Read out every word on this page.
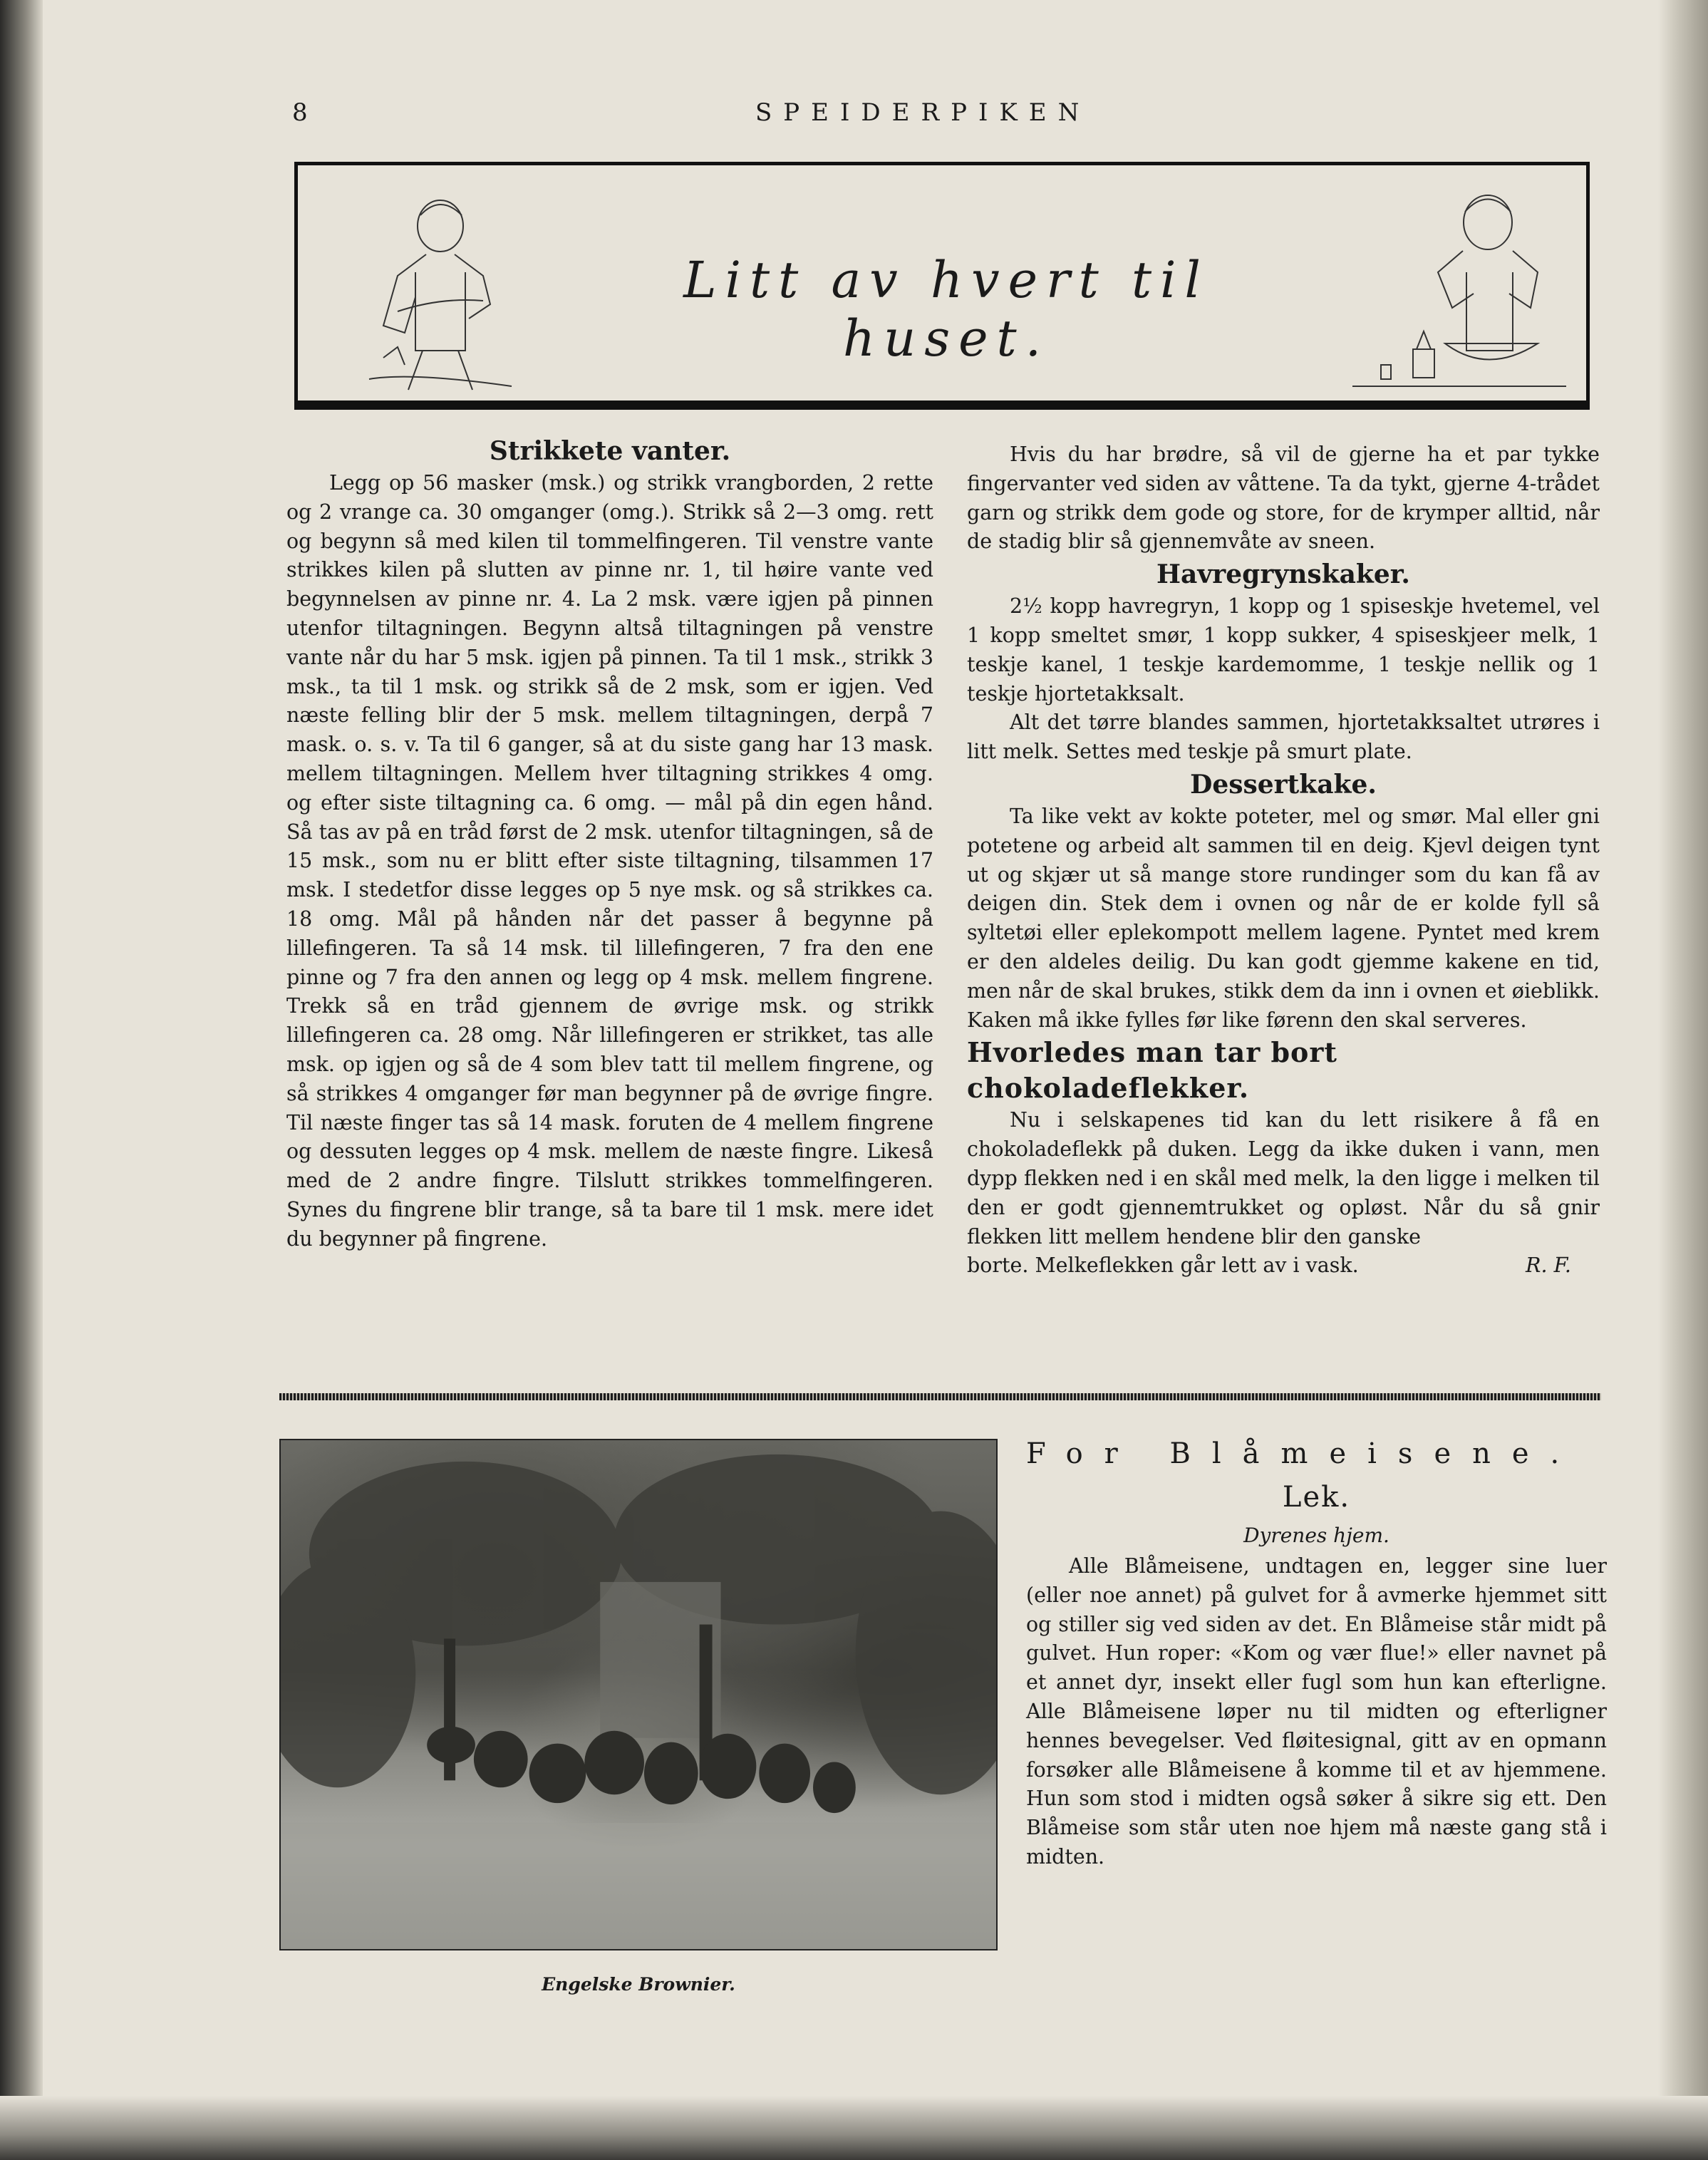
8	SPEIDERPIKEN
Litt av hvert til huset.
Strikkete vanter.

Legg op 56 masker (msk.) og strikk vrangborden, 2 rette og 2 vrange ca. 30 omganger (omg.). Strikk så 2—3 omg. rett og begynn så med kilen til tommelfingeren. Til venstre vante strikkes kilen på slutten av pinne nr. 1, til høire vante ved begynnelsen av pinne nr. 4. La 2 msk. være igjen på pinnen utenfor tiltagningen. Begynn altså tiltagningen på venstre vante når du har 5 msk. igjen på pinnen. Ta til 1 msk., strikk 3 msk., ta til 1 msk. og strikk så de 2 msk, som er igjen. Ved næste felling blir der 5 msk. mellem tiltagningen, derpå 7 mask. o. s. v. Ta til 6 ganger, så at du siste gang har 13 mask. mellem tiltagningen. Mellem hver tiltagning strikkes 4 omg. og efter siste tiltagning ca. 6 omg. — mål på din egen hånd. Så tas av på en tråd først de 2 msk. utenfor tiltagningen, så de 15 msk., som nu er blitt efter siste tiltagning, tilsammen 17 msk. I stedetfor disse legges op 5 nye msk. og så strikkes ca. 18 omg. Mål på hånden når det passer å begynne på lillefingeren. Ta så 14 msk. til lillefingeren, 7 fra den ene pinne og 7 fra den annen og legg op 4 msk. mellem fingrene. Trekk så en tråd gjennem de øvrige msk. og strikk lillefingeren ca. 28 omg. Når lillefingeren er strikket, tas alle msk. op igjen og så de 4 som blev tatt til mellem fingrene, og så strikkes 4 omganger før man begynner på de øvrige fingre. Til næste finger tas så 14 mask. foruten de 4 mellem fingrene og dessuten legges op 4 msk. mellem de næste fingre. Likeså med de 2 andre fingre. Tilslutt strikkes tommelfingeren. Synes du fingrene blir trange, så ta bare til 1 msk. mere idet du begynner på fingrene.

Hvis du har brødre, så vil de gjerne ha et par tykke fingervanter ved siden av våttene. Ta da tykt, gjerne 4-trådet garn og strikk dem gode og store, for de krymper alltid, når de stadig blir så gjennemvåte av sneen.

Havregrynskaker.

2½ kopp havregryn, 1 kopp og 1 spiseskje hvetemel, vel 1 kopp smeltet smør, 1 kopp sukker, 4 spiseskjeer melk, 1 teskje kanel, 1 teskje kardemomme, 1 teskje nellik og 1 teskje hjortetakksalt.

Alt det tørre blandes sammen, hjortetakksaltet utrøres i litt melk. Settes med teskje på smurt plate.

Dessertkake.

Ta like vekt av kokte poteter, mel og smør. Mal eller gni potetene og arbeid alt sammen til en deig. Kjevl deigen tynt ut og skjær ut så mange store rundinger som du kan få av deigen din. Stek dem i ovnen og når de er kolde fyll så syltetøi eller eplekompott mellem lagene. Pyntet med krem er den aldeles deilig. Du kan godt gjemme kakene en tid, men når de skal brukes, stikk dem da inn i ovnen et øieblikk. Kaken må ikke fylles før like førenn den skal serveres.

Hvorledes man tar bort chokoladeflekker.

Nu i selskapenes tid kan du lett risikere å få en chokoladeflekk på duken. Legg da ikke duken i vann, men dypp flekken ned i en skål med melk, la den ligge i melken til den er godt gjennemtrukket og opløst. Når du så gnir flekken litt mellem hendene blir den ganske

borte. Melkeflekken går lett av i vask.	R. F.
Engelske Brownier.
For Blåmeisene.
Lek.
Dyrenes hjem.

Alle Blåmeisene, undtagen en, legger sine luer (eller noe annet) på gulvet for å avmerke hjemmet sitt og stiller sig ved siden av det. En Blåmeise står midt på gulvet. Hun roper: «Kom og vær flue!» eller navnet på et annet dyr, insekt eller fugl som hun kan efterligne. Alle Blåmeisene løper nu til midten og efterligner hennes bevegelser. Ved fløitesignal, gitt av en opmann forsøker alle Blåmeisene å komme til et av hjemmene. Hun som stod i midten også søker å sikre sig ett. Den Blåmeise som står uten noe hjem må næste gang stå i midten.
